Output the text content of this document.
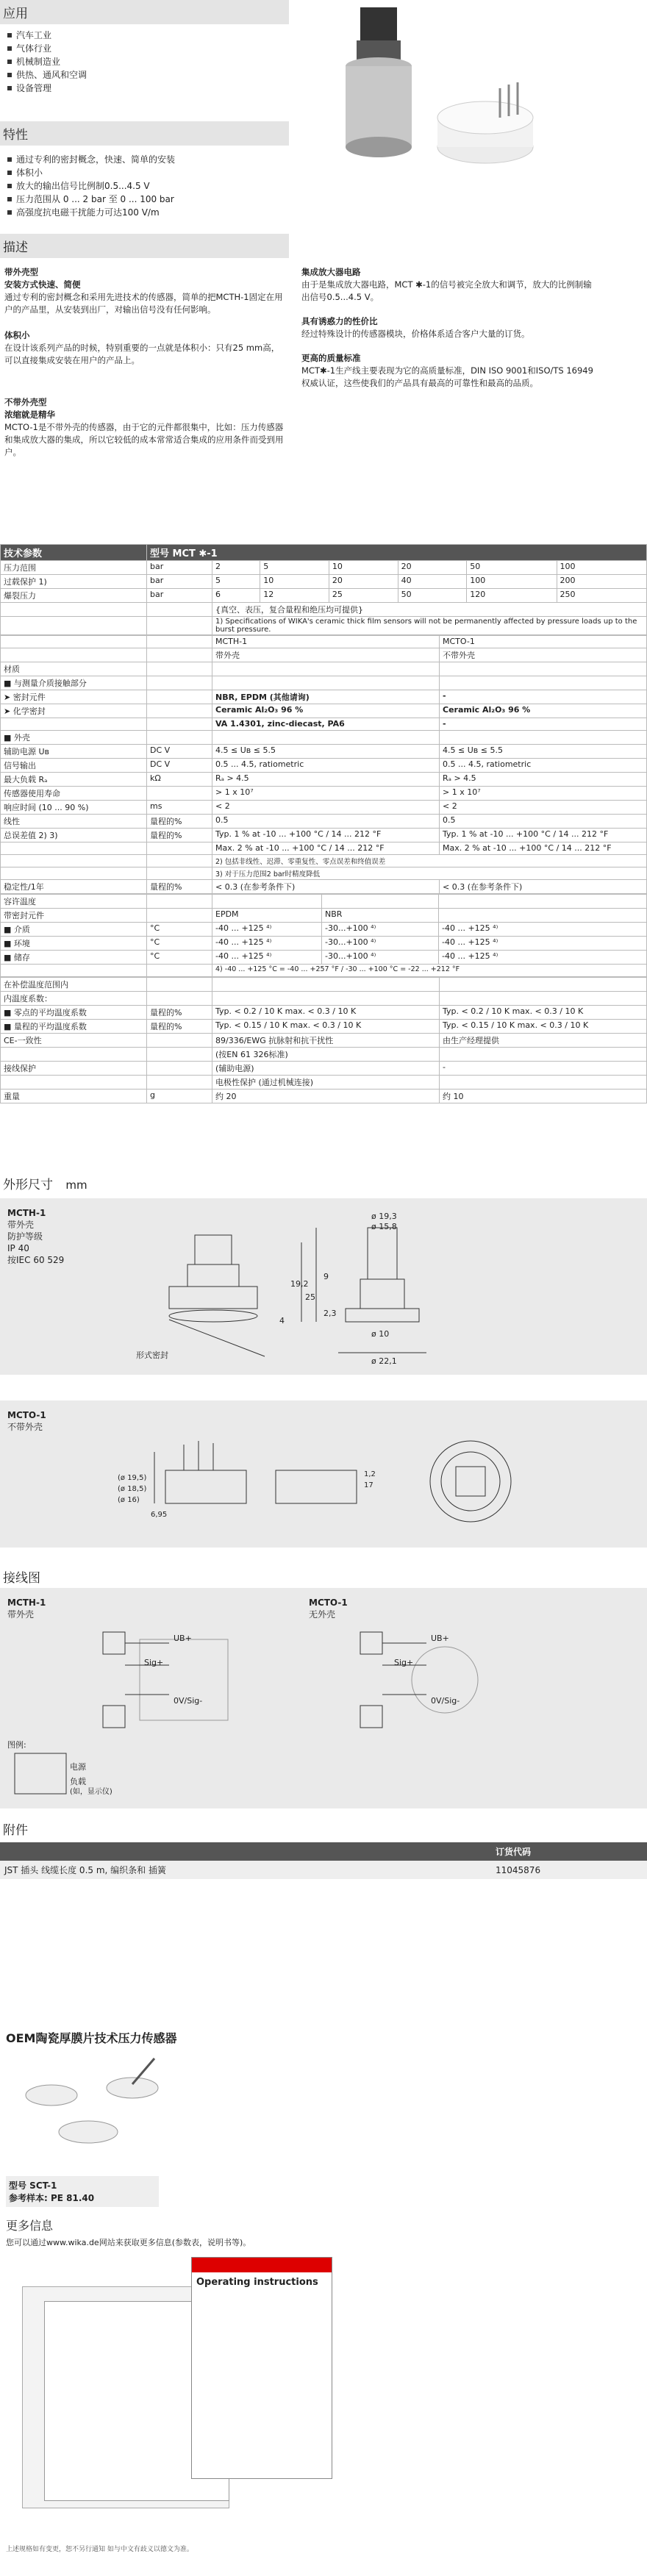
应用
汽车工业
气体行业
机械制造业
供热、通风和空调
设备管理
特性
通过专利的密封概念，快速、简单的安装
体积小
放大的输出信号比例制0.5...4.5 V
压力范围从 0 ... 2 bar 至 0 ... 100 bar
高强度抗电磁干扰能力可达100 V/m
描述
带外壳型
安装方式快速、简便
通过专利的密封概念和采用先进技术的传感器，简单的把MCTH-1固定在用户的产品里，从安装到出厂，对输出信号没有任何影响。
体积小
在设计该系列产品的时候，特别重要的一点就是体积小：只有25 mm高，可以直接集成安装在用户的产品上。
不带外壳型
浓缩就是精华
MCTO-1是不带外壳的传感器，由于它的元件都很集中，比如：压力传感器和集成放大器的集成，所以它较低的成本常常适合集成的应用条件而受到用户。
集成放大器电路
由于是集成放大器电路，MCT ✱-1的信号被完全放大和调节，放大的比例制输出信号0.5...4.5 V。
具有诱惑力的性价比
经过特殊设计的传感器模块，价格体系适合客户大量的订货。
更高的质量标准
MCT✱-1生产线主要表现为它的高质量标准，DIN ISO 9001和ISO/TS 16949权威认证，这些使我们的产品具有最高的可靠性和最高的品质。
技术参数	型号 MCT ✱-1						
压力范围	bar	2	5	10	20	50	100
过载保护 1)	bar	5	10	20	40	100	200
爆裂压力	bar	6	12	25	50	120	250
		{真空、表压，复合量程和绝压均可提供}					
		1) Specifications of WIKA's ceramic thick film sensors will not be permanently affected by pressure loads up to the burst pressure.					
		MCTH-1	MCTO-1
		带外壳	不带外壳
材质			
■ 与测量介质接触部分			
➤ 密封元件		NBR, EPDM (其他请询)	-
➤ 化学密封		Ceramic Al₂O₃ 96 %	Ceramic Al₂O₃ 96 %
		VA 1.4301, zinc-diecast, PA6	-
■ 外壳			
辅助电源 Uв	DC V	4.5 ≤ Uв ≤ 5.5	4.5 ≤ Uв ≤ 5.5
信号输出	DC V	0.5 ... 4.5, ratiometric	0.5 ... 4.5, ratiometric
最大负载 Rₐ	kΩ	Rₐ > 4.5	Rₐ > 4.5
传感器使用寿命		> 1 x 10⁷	> 1 x 10⁷
响应时间 (10 ... 90 %)	ms	< 2	< 2
线性	量程的%	0.5	0.5
总误差值 2) 3)	量程的%	Typ. 1 % at -10 ... +100 °C / 14 ... 212 °F	Typ. 1 % at -10 ... +100 °C / 14 ... 212 °F
		Max. 2 % at -10 ... +100 °C / 14 ... 212 °F	Max. 2 % at -10 ... +100 °C / 14 ... 212 °F
		2) 包括非线性、迟滞、零重复性、零点误差和终值误差	
		3) 对于压力范围2 bar时精度降低	
稳定性/1年	量程的%	< 0.3 (在参考条件下)	< 0.3 (在参考条件下)
容许温度				
带密封元件		EPDM	NBR	
■ 介质	°C	-40 ... +125 ⁴⁾	-30...+100 ⁴⁾	-40 ... +125 ⁴⁾
■ 环境	°C	-40 ... +125 ⁴⁾	-30...+100 ⁴⁾	-40 ... +125 ⁴⁾
■ 储存	°C	-40 ... +125 ⁴⁾	-30...+100 ⁴⁾	-40 ... +125 ⁴⁾
		4) -40 ... +125 °C = -40 ... +257 °F / -30 ... +100 °C = -22 ... +212 °F		
在补偿温度范围内			
内温度系数：			
■ 零点的平均温度系数	量程的%	Typ. < 0.2 / 10 K max. < 0.3 / 10 K	Typ. < 0.2 / 10 K max. < 0.3 / 10 K
■ 量程的平均温度系数	量程的%	Typ. < 0.15 / 10 K max. < 0.3 / 10 K	Typ. < 0.15 / 10 K max. < 0.3 / 10 K
CE-一致性		89/336/EWG 抗脉射和抗干扰性	由生产经理提供
		(按EN 61 326标准)	
接线保护		(辅助电源)	-
		电极性保护 (通过机械连接)	
重量	g	约 20	约 10
外形尺寸 mm
MCTH-1
带外壳
防护等级
IP 40
按IEC 60 529
形式密封
ø 19,3
ø 15,8
19,2
25
2,3
9
4
ø 10
ø 22,1
MCTO-1
不带外壳
(ø 18,5)
(ø 16)
(ø 19,5)
6,95
17
1,2
接线图
MCTH-1
带外壳
MCTO-1
无外壳
UB+
Sig+
0V/Sig-
UB+
Sig+
0V/Sig-
图例:
电源
负载
(如，显示仪)
附件
	订货代码
JST 插头 线缆长度 0.5 m, 编织条和 插簧	11045876
OEM陶瓷厚膜片技术压力传感器
型号 SCT-1
参考样本: PE 81.40
更多信息
您可以通过www.wika.de网站来获取更多信息(参数表，说明书等)。
Operating instructions
上述规格如有变更，恕不另行通知 如与中文有歧义以德文为准。
